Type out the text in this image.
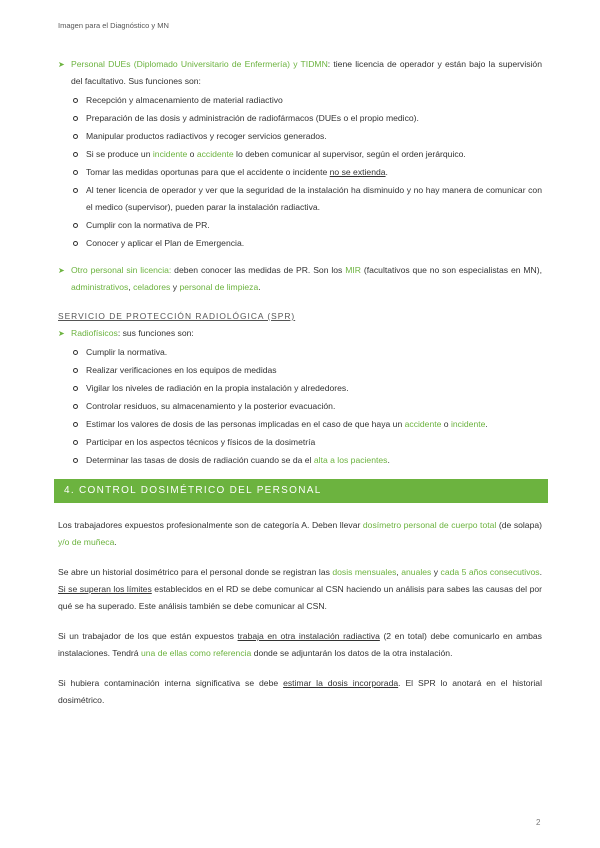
Imagen para el Diagnóstico y MN
➤ Personal DUEs (Diplomado Universitario de Enfermería) y TIDMN: tiene licencia de operador y están bajo la supervisión del facultativo. Sus funciones son:
Recepción y almacenamiento de material radiactivo
Preparación de las dosis y administración de radiofármacos (DUEs o el propio medico).
Manipular productos radiactivos y recoger servicios generados.
Si se produce un incidente o accidente lo deben comunicar al supervisor, según el orden jerárquico.
Tomar las medidas oportunas para que el accidente o incidente no se extienda.
Al tener licencia de operador y ver que la seguridad de la instalación ha disminuido y no hay manera de comunicar con el medico (supervisor), pueden parar la instalación radiactiva.
Cumplir con la normativa de PR.
Conocer y aplicar el Plan de Emergencia.
➤ Otro personal sin licencia: deben conocer las medidas de PR. Son los MIR (facultativos que no son especialistas en MN), administrativos, celadores y personal de limpieza.
SERVICIO DE PROTECCIÓN RADIOLÓGICA (SPR)
➤ Radiofísicos: sus funciones son:
Cumplir la normativa.
Realizar verificaciones en los equipos de medidas
Vigilar los niveles de radiación en la propia instalación y alrededores.
Controlar residuos, su almacenamiento y la posterior evacuación.
Estimar los valores de dosis de las personas implicadas en el caso de que haya un accidente o incidente.
Participar en los aspectos técnicos y físicos de la dosimetría
Determinar las tasas de dosis de radiación cuando se da el alta a los pacientes.
4. CONTROL DOSIMÉTRICO DEL PERSONAL

Los trabajadores expuestos profesionalmente son de categoría A. Deben llevar dosímetro personal de cuerpo total (de solapa) y/o de muñeca.

Se abre un historial dosimétrico para el personal donde se registran las dosis mensuales, anuales y cada 5 años consecutivos. Si se superan los límites establecidos en el RD se debe comunicar al CSN haciendo un análisis para sabes las causas del por qué se ha superado. Este análisis también se debe comunicar al CSN.

Si un trabajador de los que están expuestos trabaja en otra instalación radiactiva (2 en total) debe comunicarlo en ambas instalaciones. Tendrá una de ellas como referencia donde se adjuntarán los datos de la otra instalación.

Si hubiera contaminación interna significativa se debe estimar la dosis incorporada. El SPR lo anotará en el historial dosimétrico.

2
